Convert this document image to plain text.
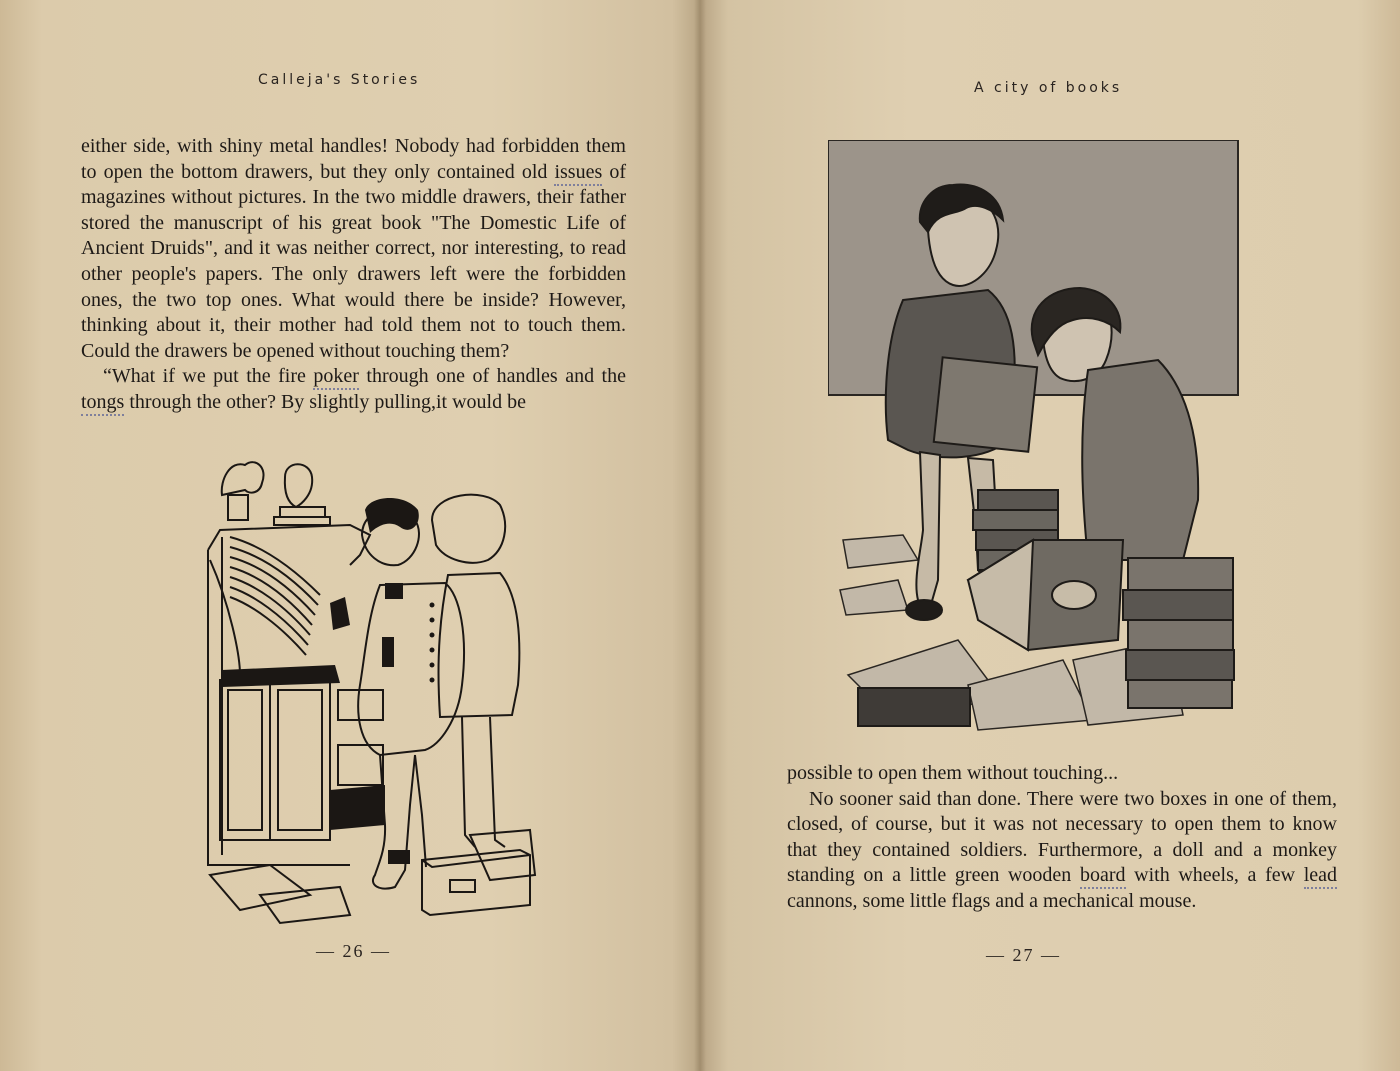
Calleja's Stories

either side, with shiny metal handles! Nobody had forbidden them to open the bottom drawers, but they only contained old issues of magazines without pictures. In the two middle drawers, their father stored the manuscript of his great book "The Domestic Life of Ancient Druids", and it was neither correct, nor interesting, to read other people's papers. The only drawers left were the forbidden ones, the two top ones. What would there be inside? However, thinking about it, their mother had told them not to touch them. Could the drawers be opened without touching them?

“What if we put the fire poker through one of handles and the tongs through the other? By slightly pulling,it would be

— 26 —
A city of books

possible to open them without touching...

No sooner said than done. There were two boxes in one of them, closed, of course, but it was not necessary to open them to know that they contained soldiers. Furthermore, a doll and a monkey standing on a little green wooden board with wheels, a few lead cannons, some little flags and a mechanical mouse.

— 27 —
